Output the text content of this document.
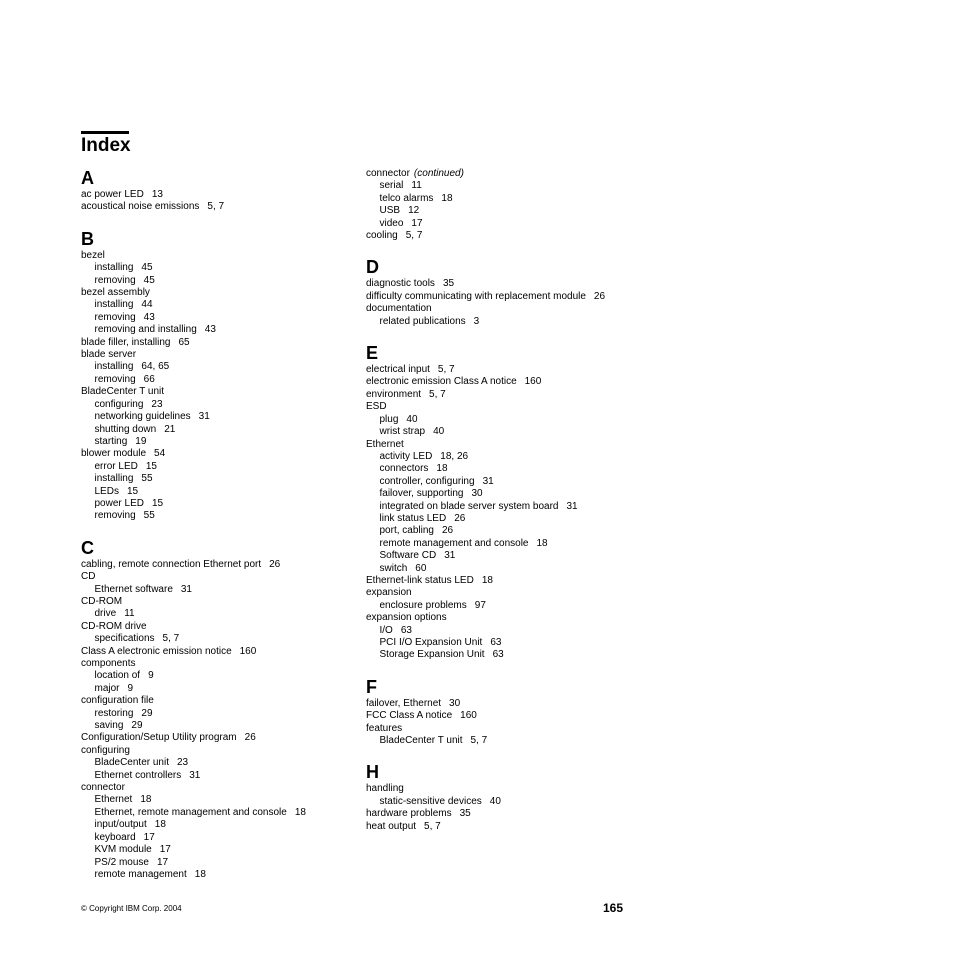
Index
A
ac power LED 13
acoustical noise emissions 5, 7
B
bezel
installing 45
removing 45
bezel assembly
installing 44
removing 43
removing and installing 43
blade filler, installing 65
blade server
installing 64, 65
removing 66
BladeCenter T unit
configuring 23
networking guidelines 31
shutting down 21
starting 19
blower module 54
error LED 15
installing 55
LEDs 15
power LED 15
removing 55
C
cabling, remote connection Ethernet port 26
CD
Ethernet software 31
CD-ROM
drive 11
CD-ROM drive
specifications 5, 7
Class A electronic emission notice 160
components
location of 9
major 9
configuration file
restoring 29
saving 29
Configuration/Setup Utility program 26
configuring
BladeCenter unit 23
Ethernet controllers 31
connector
Ethernet 18
Ethernet, remote management and console 18
input/output 18
keyboard 17
KVM module 17
PS/2 mouse 17
remote management 18
connector (continued)
serial 11
telco alarms 18
USB 12
video 17
cooling 5, 7
D
diagnostic tools 35
difficulty communicating with replacement module 26
documentation
related publications 3
E
electrical input 5, 7
electronic emission Class A notice 160
environment 5, 7
ESD
plug 40
wrist strap 40
Ethernet
activity LED 18, 26
connectors 18
controller, configuring 31
failover, supporting 30
integrated on blade server system board 31
link status LED 26
port, cabling 26
remote management and console 18
Software CD 31
switch 60
Ethernet-link status LED 18
expansion
enclosure problems 97
expansion options
I/O 63
PCI I/O Expansion Unit 63
Storage Expansion Unit 63
F
failover, Ethernet 30
FCC Class A notice 160
features
BladeCenter T unit 5, 7
H
handling
static-sensitive devices 40
hardware problems 35
heat output 5, 7
© Copyright IBM Corp. 2004	165
